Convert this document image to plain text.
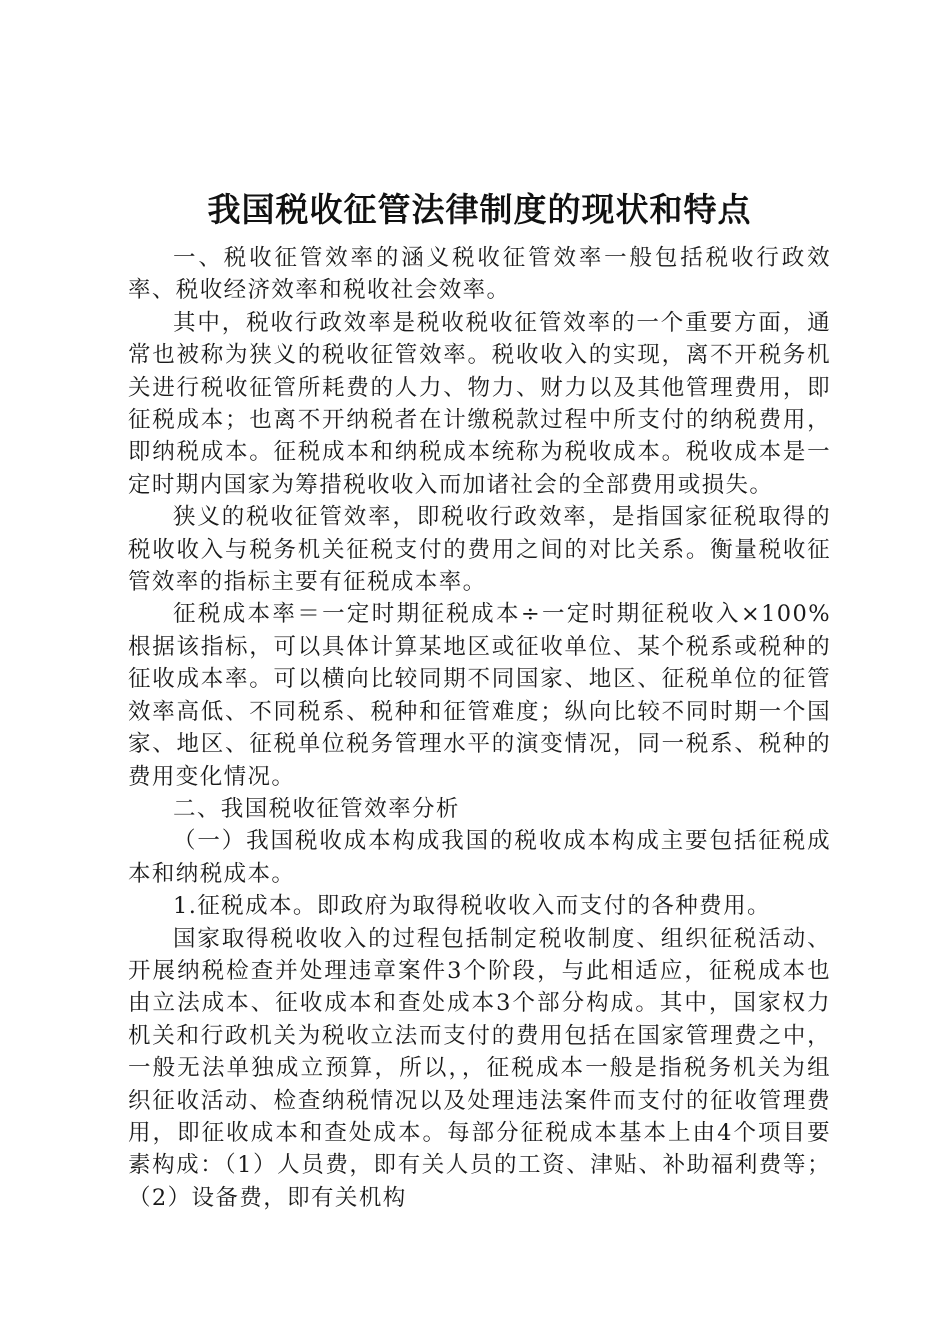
我国税收征管法律制度的现状和特点

一、税收征管效率的涵义税收征管效率一般包括税收行政效率、税收经济效率和税收社会效率。

其中，税收行政效率是税收税收征管效率的一个重要方面，通常也被称为狭义的税收征管效率。税收收入的实现，离不开税务机关进行税收征管所耗费的人力、物力、财力以及其他管理费用，即征税成本；也离不开纳税者在计缴税款过程中所支付的纳税费用，即纳税成本。征税成本和纳税成本统称为税收成本。税收成本是一定时期内国家为筹措税收收入而加诸社会的全部费用或损失。

狭义的税收征管效率，即税收行政效率，是指国家征税取得的税收收入与税务机关征税支付的费用之间的对比关系。衡量税收征管效率的指标主要有征税成本率。

征税成本率＝一定时期征税成本÷一定时期征税收入×100%根据该指标，可以具体计算某地区或征收单位、某个税系或税种的征收成本率。可以横向比较同期不同国家、地区、征税单位的征管效率高低、不同税系、税种和征管难度；纵向比较不同时期一个国家、地区、征税单位税务管理水平的演变情况，同一税系、税种的费用变化情况。

二、我国税收征管效率分析

（一）我国税收成本构成我国的税收成本构成主要包括征税成本和纳税成本。

1.征税成本。即政府为取得税收收入而支付的各种费用。

国家取得税收收入的过程包括制定税收制度、组织征税活动、开展纳税检查并处理违章案件3个阶段，与此相适应，征税成本也由立法成本、征收成本和查处成本3个部分构成。其中，国家权力机关和行政机关为税收立法而支付的费用包括在国家管理费之中，一般无法单独成立预算，所以，，征税成本一般是指税务机关为组织征收活动、检查纳税情况以及处理违法案件而支付的征收管理费用，即征收成本和查处成本。每部分征税成本基本上由4个项目要素构成：（1）人员费，即有关人员的工资、津贴、补助福利费等；（2）设备费，即有关机构
